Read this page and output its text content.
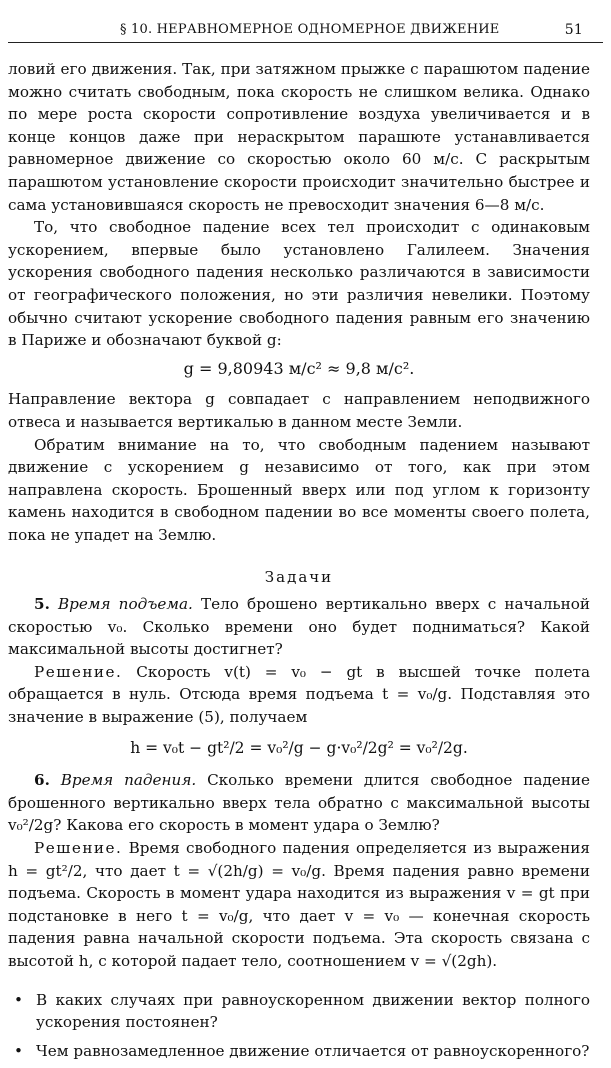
§ 10. НЕРАВНОМЕРНОЕ ОДНОМЕРНОЕ ДВИЖЕНИЕ	51

ловий его движения. Так, при затяжном прыжке с парашютом падение можно считать свободным, пока скорость не слишком велика. Однако по мере роста скорости сопротивление воздуха увеличивается и в конце концов даже при нераскрытом парашюте устанавливается равномерное движение со скоростью около 60 м/с. С раскрытым парашютом установление скорости происходит значительно быстрее и сама установившаяся скорость не превосходит значения 6—8 м/с.

То, что свободное падение всех тел происходит с одинаковым ускорением, впервые было установлено Галилеем. Значения ускорения свободного падения несколько различаются в зависимости от географического положения, но эти различия невелики. Поэтому обычно считают ускорение свободного падения равным его значению в Париже и обозначают буквой g:

g = 9,80943 м/с² ≈ 9,8 м/с².

Направление вектора g совпадает с направлением неподвижного отвеса и называется вертикалью в данном месте Земли.

Обратим внимание на то, что свободным падением называют движение с ускорением g независимо от того, как при этом направлена скорость. Брошенный вверх или под углом к горизонту камень находится в свободном падении во все моменты своего полета, пока не упадет на Землю.

Задачи

5. Время подъема. Тело брошено вертикально вверх с начальной скоростью v₀. Сколько времени оно будет подниматься? Какой максимальной высоты достигнет?

Решение. Скорость v(t) = v₀ − gt в высшей точке полета обращается в нуль. Отсюда время подъема t = v₀/g. Подставляя это значение в выражение (5), получаем

h = v₀t − gt²/2 = v₀²/g − g·v₀²/2g² = v₀²/2g.

6. Время падения. Сколько времени длится свободное падение брошенного вертикально вверх тела обратно с максимальной высоты v₀²/2g? Какова его скорость в момент удара о Землю?

Решение. Время свободного падения определяется из выражения h = gt²/2, что дает t = √(2h/g) = v₀/g. Время падения равно времени подъема. Скорость в момент удара находится из выражения v = gt при подстановке в него t = v₀/g, что дает v = v₀ — конечная скорость падения равна начальной скорости подъема. Эта скорость связана с высотой h, с которой падает тело, соотношением v = √(2gh).

• В каких случаях при равноускоренном движении вектор полного ускорения постоянен?
• Чем равнозамедленное движение отличается от равноускоренного?
